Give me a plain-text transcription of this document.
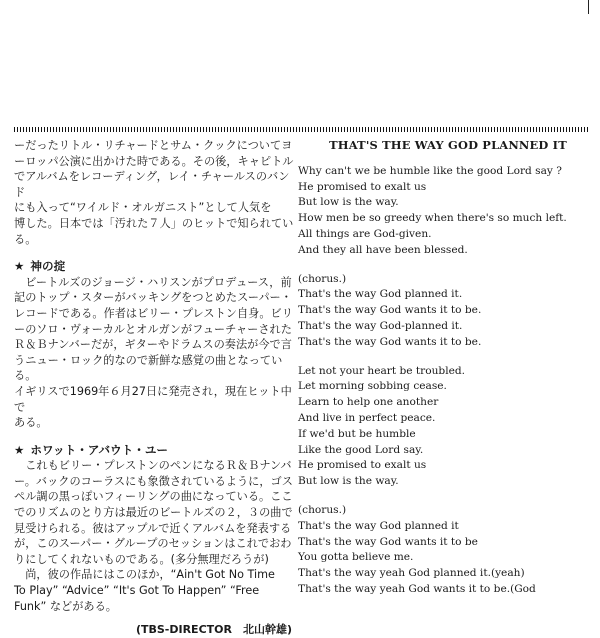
ーだったリトル・リチャードとサム・クックについてヨ

ーロッパ公演に出かけた時である。その後，キャピトル

でアルバムをレコーディング，レイ・チャールスのバンド

にも入って“ワイルド・オルガニスト”として人気を

博した。日本では「汚れた７人」のヒットで知られている。

★ 神の掟

ビートルズのジョージ・ハリスンがプロデュース，前

記のトップ・スターがバッキングをつとめたスーパー・

レコードである。作者はビリー・プレストン自身。ビリ

ーのソロ・ヴォーカルとオルガンがフューチャーされた

Ｒ＆Ｂナンバーだが，ギターやドラムスの奏法が今で言

うニュー・ロック的なので新鮮な感覚の曲となっている。

イギリスで1969年６月27日に発売され，現在ヒット中で

ある。

★ ホワット・アバウト・ユー

これもビリー・プレストンのペンになるＲ＆Ｂナンバ

ー。バックのコーラスにも象徴されているように，ゴス

ペル調の黒っぽいフィーリングの曲になっている。ここ

でのリズムのとり方は最近のビートルズの２，３の曲で

見受けられる。彼はアップルで近くアルバムを発表する

が，このスーパー・グループのセッションはこれでおわ

りにしてくれないものである。(多分無理だろうが)

尚，彼の作品にはこのほか，“Ain't Got No Time

To Play” “Advice” “It's Got To Happen” “Free

Funk” などがある。

(TBS-DIRECTOR　北山幹雄)
THAT'S THE WAY GOD PLANNED IT

Why can't we be humble like the good Lord say ?

He promised to exalt us

But low is the way.

How men be so greedy when there's so much left.

All things are God-given.

And they all have been blessed.

(chorus.)

That's the way God planned it.

That's the way God wants it to be.

That's the way God-planned it.

That's the way God wants it to be.

Let not your heart be troubled.

Let morning sobbing cease.

Learn to help one another

And live in perfect peace.

If we'd but be humble

Like the good Lord say.

He promised to exalt us

But low is the way.

(chorus.)

That's the way God planned it

That's the way God wants it to be

You gotta believe me.

That's the way yeah God planned it.(yeah)

That's the way yeah God wants it to be.(God
